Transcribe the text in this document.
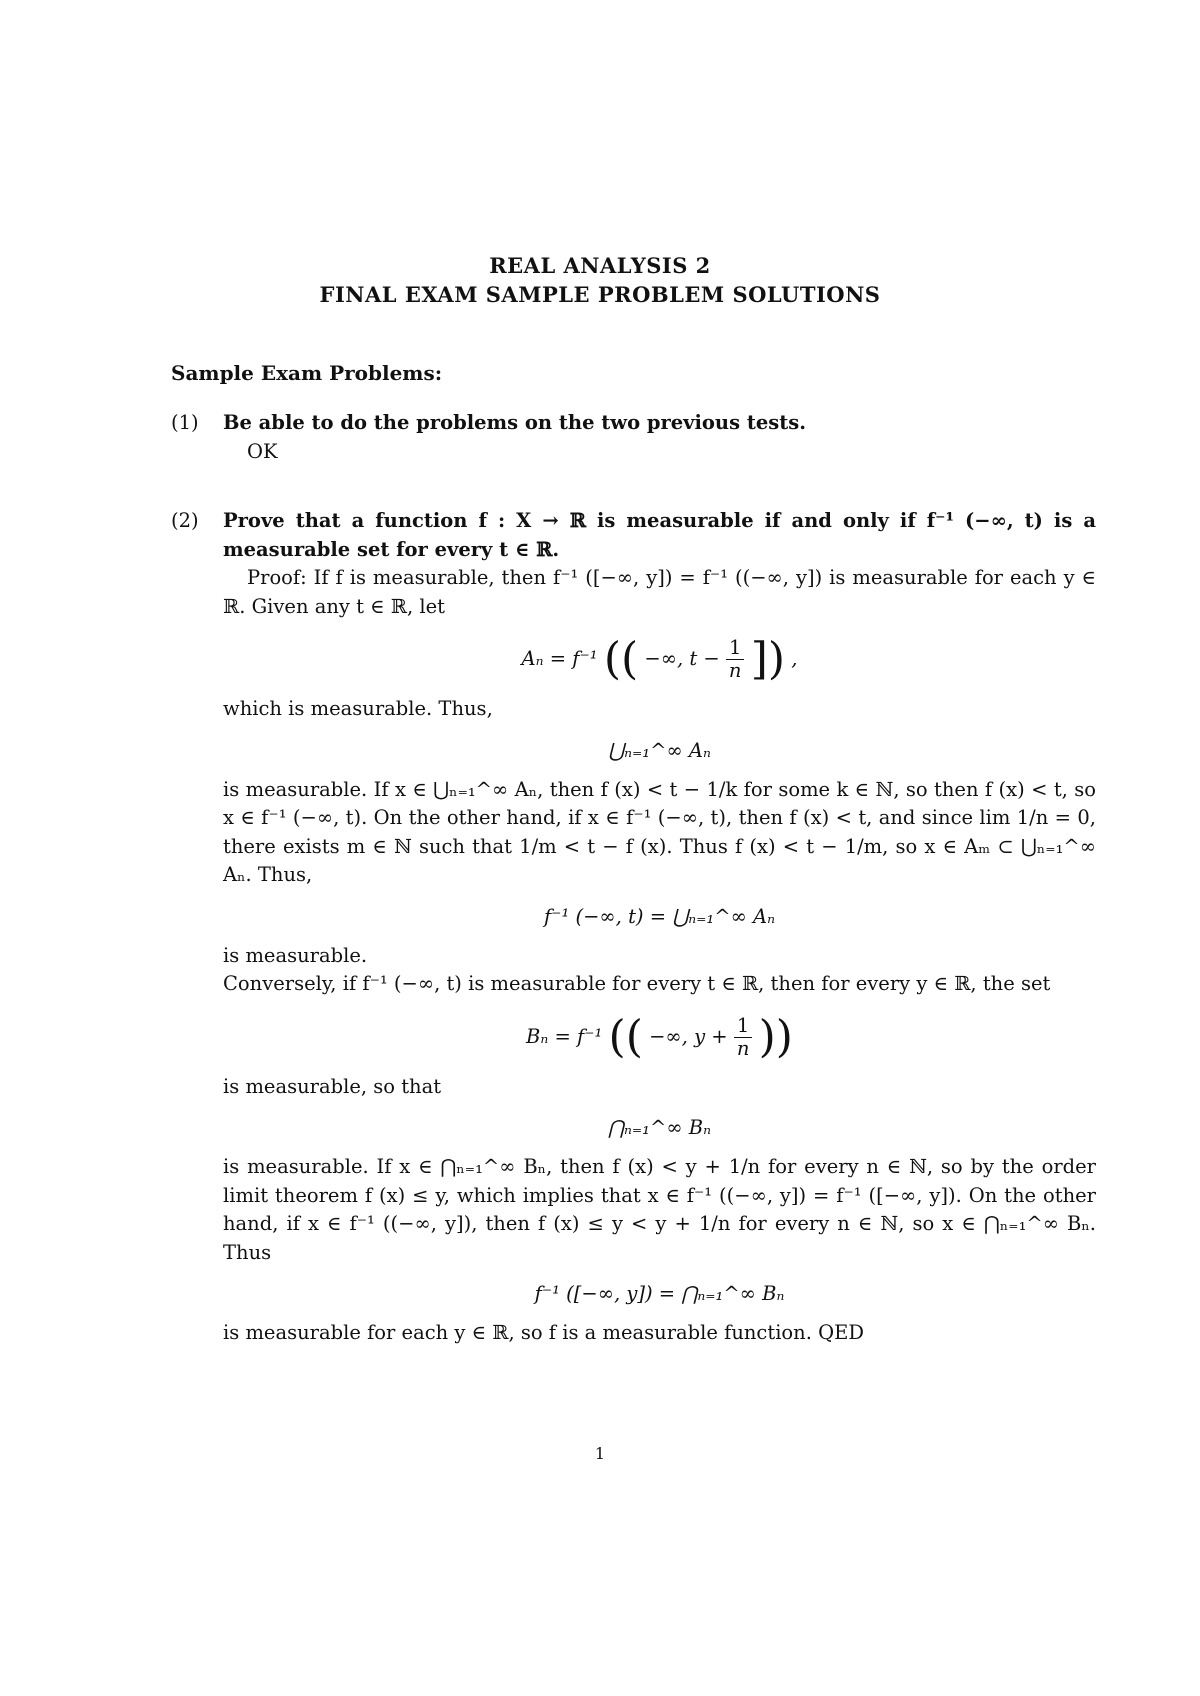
REAL ANALYSIS 2
FINAL EXAM SAMPLE PROBLEM SOLUTIONS
Sample Exam Problems:
(1) Be able to do the problems on the two previous tests.
OK
(2) Prove that a function f : X → ℝ is measurable if and only if f⁻¹ (−∞, t) is a measurable set for every t ∈ ℝ.

Proof: If f is measurable, then f⁻¹ ([−∞, y]) = f⁻¹ ((−∞, y]) is measurable for each y ∈ ℝ. Given any t ∈ ℝ, let

Aₙ = f⁻¹ (( −∞, $t - \frac{1}{n}$ ]) ,

which is measurable. Thus,

⋃ₙ₌₁^∞ Aₙ

is measurable. If x ∈ ⋃ₙ₌₁^∞ Aₙ, then f (x) < t − 1/k for some k ∈ ℕ, so then f (x) < t, so x ∈ f⁻¹ (−∞, t). On the other hand, if x ∈ f⁻¹ (−∞, t), then f (x) < t, and since lim 1/n = 0, there exists m ∈ ℕ such that 1/m < t − f (x). Thus f (x) < t − 1/m, so x ∈ Aₘ ⊂ ⋃ₙ₌₁^∞ Aₙ. Thus,

f⁻¹ (−∞, t) = ⋃ₙ₌₁^∞ Aₙ

is measurable.

Conversely, if f⁻¹ (−∞, t) is measurable for every t ∈ ℝ, then for every y ∈ ℝ, the set

Bₙ = f⁻¹ (( −∞, $y + \frac{1}{n}$ ))

is measurable, so that

⋂ₙ₌₁^∞ Bₙ

is measurable. If x ∈ ⋂ₙ₌₁^∞ Bₙ, then f (x) < y + 1/n for every n ∈ ℕ, so by the order limit theorem f (x) ≤ y, which implies that x ∈ f⁻¹ ((−∞, y]) = f⁻¹ ([−∞, y]). On the other hand, if x ∈ f⁻¹ ((−∞, y]), then f (x) ≤ y < y + 1/n for every n ∈ ℕ, so x ∈ ⋂ₙ₌₁^∞ Bₙ. Thus

f⁻¹ ([−∞, y]) = ⋂ₙ₌₁^∞ Bₙ

is measurable for each y ∈ ℝ, so f is a measurable function. QED

1
